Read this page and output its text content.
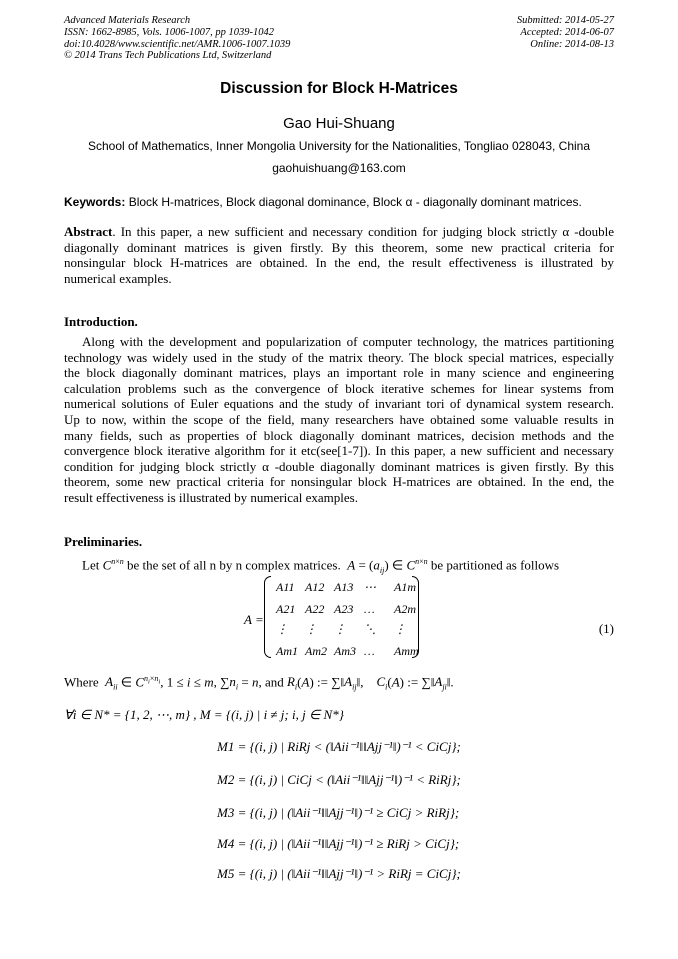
Advanced Materials Research
ISSN: 1662-8985, Vols. 1006-1007, pp 1039-1042
doi:10.4028/www.scientific.net/AMR.1006-1007.1039
© 2014 Trans Tech Publications Ltd, Switzerland
Submitted: 2014-05-27
Accepted: 2014-06-07
Online: 2014-08-13
Discussion for Block H-Matrices
Gao Hui-Shuang
School of Mathematics, Inner Mongolia University for the Nationalities, Tongliao 028043, China
gaohuishuang@163.com
Keywords: Block H-matrices, Block diagonal dominance, Block α - diagonally dominant matrices.
Abstract. In this paper, a new sufficient and necessary condition for judging block strictly α -double
diagonally dominant matrices is given firstly. By this theorem, some new practical criteria for
nonsingular block H-matrices are obtained. In the end, the result effectiveness is illustrated by
numerical examples.
Introduction.
Along with the development and popularization of computer technology, the matrices partitioning
technology was widely used in the study of the matrix theory. The block special matrices, especially
the block diagonally dominant matrices, plays an important role in many science and engineering
calculation problems such as the convergence of block iterative schemes for linear systems from
numerical solutions of Euler equations and the study of invariant tori of dynamical system research.
Up to now, within the scope of the field, many researchers have obtained some valuable results in
many fields, such as properties of block diagonally dominant matrices, decision methods and the
convergence block iterative algorithm for it etc(see[1-7]). In this paper, a new sufficient and necessary
condition for judging block strictly α -double diagonally dominant matrices is given firstly. By this
theorem, some new practical criteria for nonsingular block H-matrices are obtained. In the end, the
result effectiveness is illustrated by numerical examples.
Preliminaries.
Let $C^{n\times n}$ be the set of all n by n complex matrices. $A = (a_{ij})$ ∈ $C^{n\times n}$ be partitioned as follows
A =
A11 A12 A13 ⋯ A1m
A21 A22 A23 … A2m
⋮ ⋮ ⋮ ⋱ ⋮
Am1 Am2 Am3 … Amm
(1)
Where $A_{ii}$ ∈ $C^{n_i\times n_i}$, 1 ≤ i ≤ m, $\sum n_i = n$, and $R_i(A)$ := $\sum‖A_{ij}‖$,    $C_i(A)$ := $\sum‖A_{ji}‖$.
∀i ∈ N* = {1, 2, ⋯, m} , M = {(i, j) | i ≠ j; i, j ∈ N*}
M1 = {(i, j) | RiRj < (‖Aii⁻¹‖‖Ajj⁻¹‖)⁻¹ < CiCj};
M2 = {(i, j) | CiCj < (‖Aii⁻¹‖‖Ajj⁻¹‖)⁻¹ < RiRj};
M3 = {(i, j) | (‖Aii⁻¹‖‖Ajj⁻¹‖)⁻¹ ≥ CiCj > RiRj};
M4 = {(i, j) | (‖Aii⁻¹‖‖Ajj⁻¹‖)⁻¹ ≥ RiRj > CiCj};
M5 = {(i, j) | (‖Aii⁻¹‖‖Ajj⁻¹‖)⁻¹ > RiRj = CiCj};
